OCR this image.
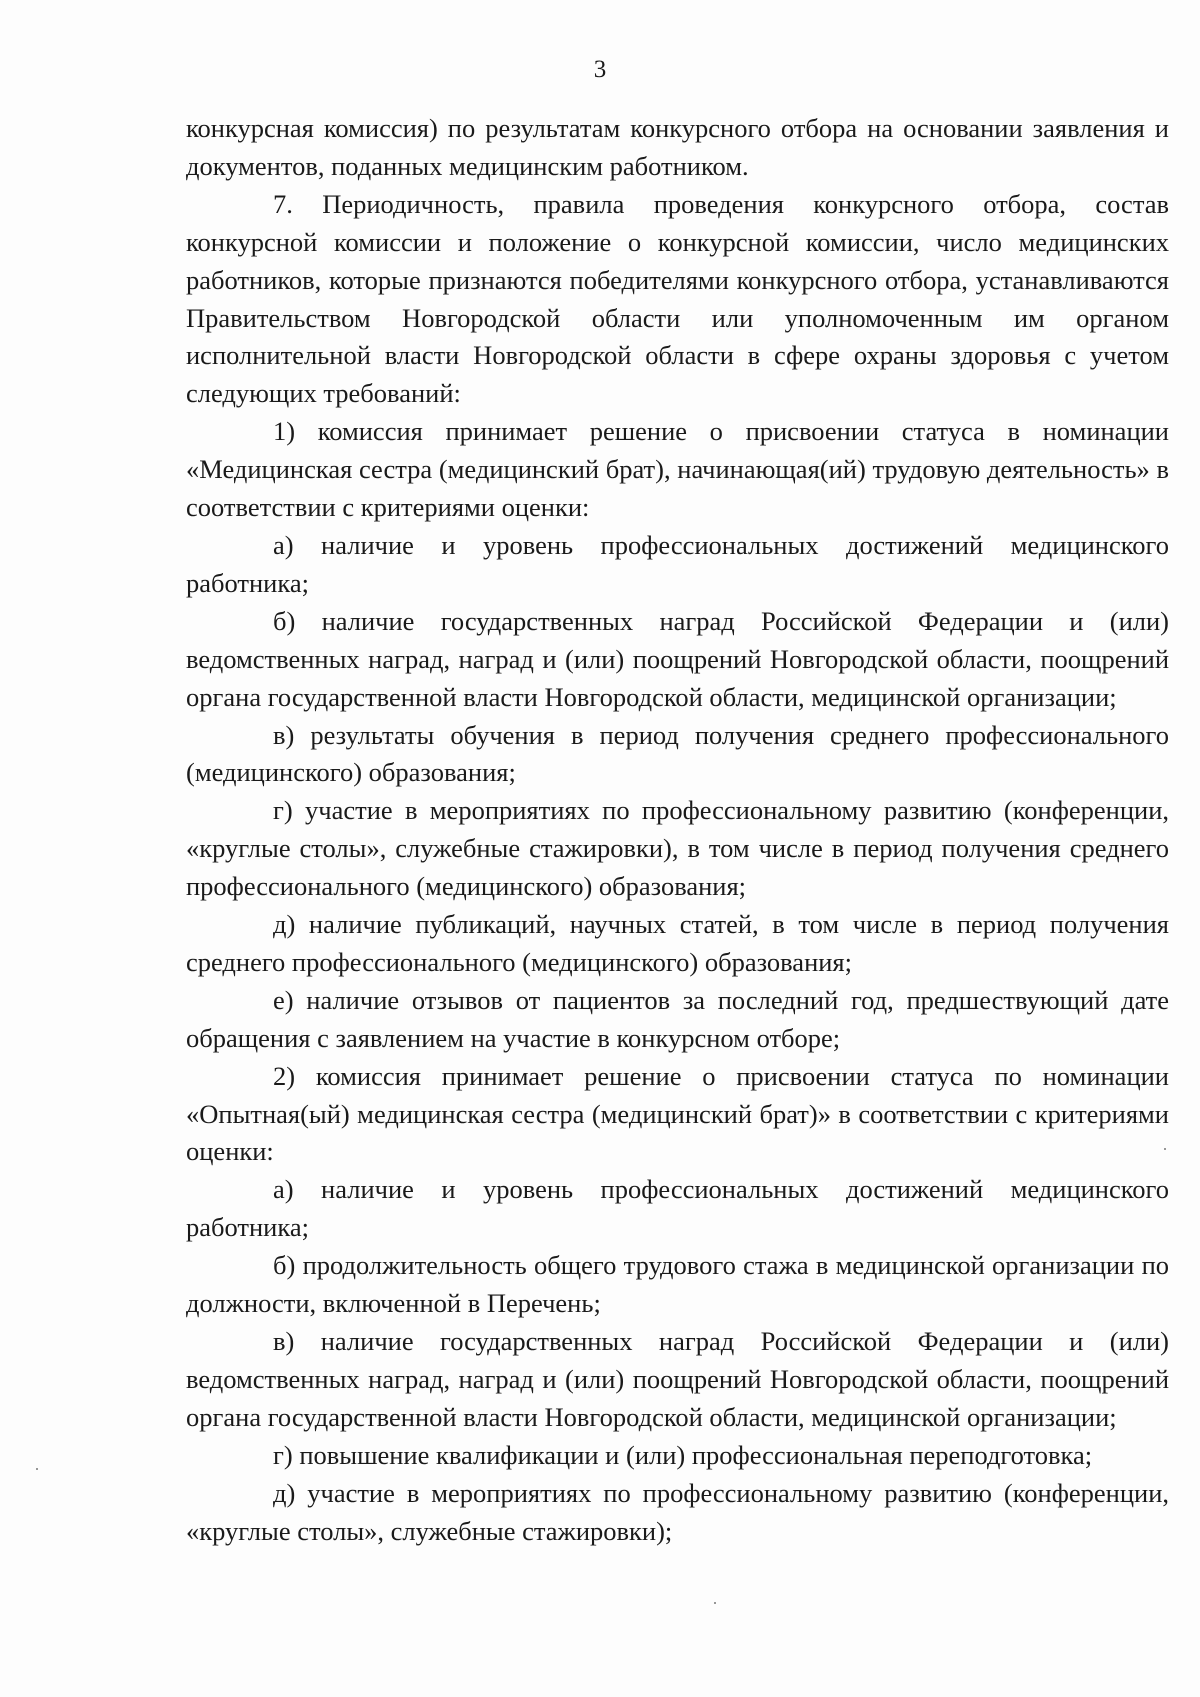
3

конкурсная комиссия) по результатам конкурсного отбора на основании заявления и документов, поданных медицинским работником.

7. Периодичность, правила проведения конкурсного отбора, состав конкурсной комиссии и положение о конкурсной комиссии, число медицинских работников, которые признаются победителями конкурсного отбора, устанавливаются Правительством Новгородской области или уполномоченным им органом исполнительной власти Новгородской области в сфере охраны здоровья с учетом следующих требований:

1) комиссия принимает решение о присвоении статуса в номинации «Медицинская сестра (медицинский брат), начинающая(ий) трудовую деятельность» в соответствии с критериями оценки:

а) наличие и уровень профессиональных достижений медицинского работника;

б) наличие государственных наград Российской Федерации и (или) ведомственных наград, наград и (или) поощрений Новгородской области, поощрений органа государственной власти Новгородской области, медицинской организации;

в) результаты обучения в период получения среднего профессионального (медицинского) образования;

г) участие в мероприятиях по профессиональному развитию (конференции, «круглые столы», служебные стажировки), в том числе в период получения среднего профессионального (медицинского) образования;

д) наличие публикаций, научных статей, в том числе в период получения среднего профессионального (медицинского) образования;

е) наличие отзывов от пациентов за последний год, предшествующий дате обращения с заявлением на участие в конкурсном отборе;

2) комиссия принимает решение о присвоении статуса по номинации «Опытная(ый) медицинская сестра (медицинский брат)» в соответствии с критериями оценки:

а) наличие и уровень профессиональных достижений медицинского работника;

б) продолжительность общего трудового стажа в медицинской организации по должности, включенной в Перечень;

в) наличие государственных наград Российской Федерации и (или) ведомственных наград, наград и (или) поощрений Новгородской области, поощрений органа государственной власти Новгородской области, медицинской организации;

г) повышение квалификации и (или) профессиональная переподготовка;

д) участие в мероприятиях по профессиональному развитию (конференции, «круглые столы», служебные стажировки);
